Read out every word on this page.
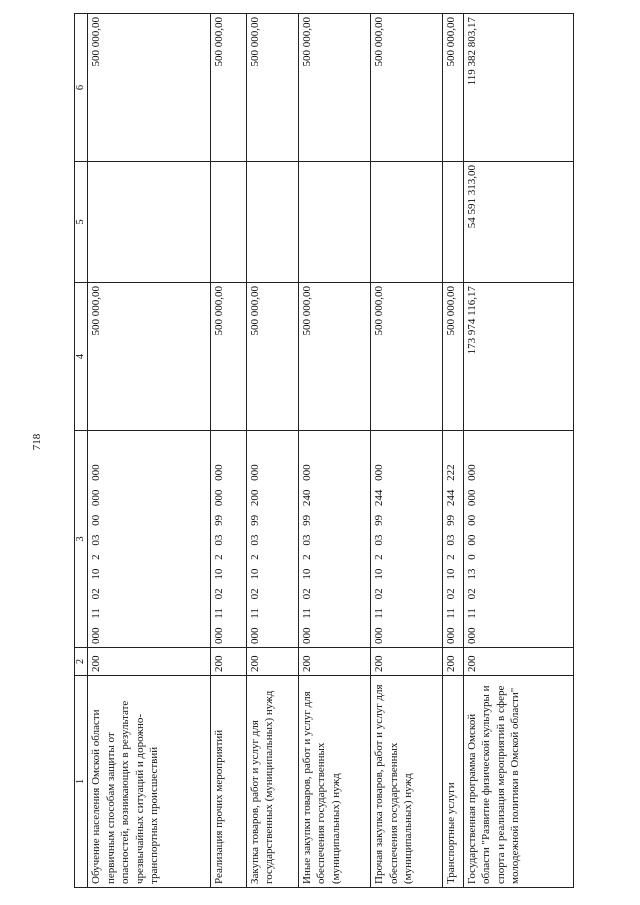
718
1	2	3	4	5	6
Обучение населения Омской области первичным способам защиты от опасностей, возникающих в результате чрезвычайных ситуаций и дорожно-транспортных происшествий	200	000 11 02 10 2 03 00 000 000	500 000,00		500 000,00
Реализация прочих мероприятий	200	000 11 02 10 2 03 99 000 000	500 000,00		500 000,00
Закупка товаров, работ и услуг для государственных (муниципальных) нужд	200	000 11 02 10 2 03 99 200 000	500 000,00		500 000,00
Иные закупки товаров, работ и услуг для обеспечения государственных (муниципальных) нужд	200	000 11 02 10 2 03 99 240 000	500 000,00		500 000,00
Прочая закупка товаров, работ и услуг для обеспечения государственных (муниципальных) нужд	200	000 11 02 10 2 03 99 244 000	500 000,00		500 000,00
Транспортные услуги	200	000 11 02 10 2 03 99 244 222	500 000,00		500 000,00
Государственная программа Омской области "Развитие физической культуры и спорта и реализация мероприятий в сфере молодежной политики в Омской области"	200	000 11 02 13 0 00 00 000 000	173 974 116,17	54 591 313,00	119 382 803,17
